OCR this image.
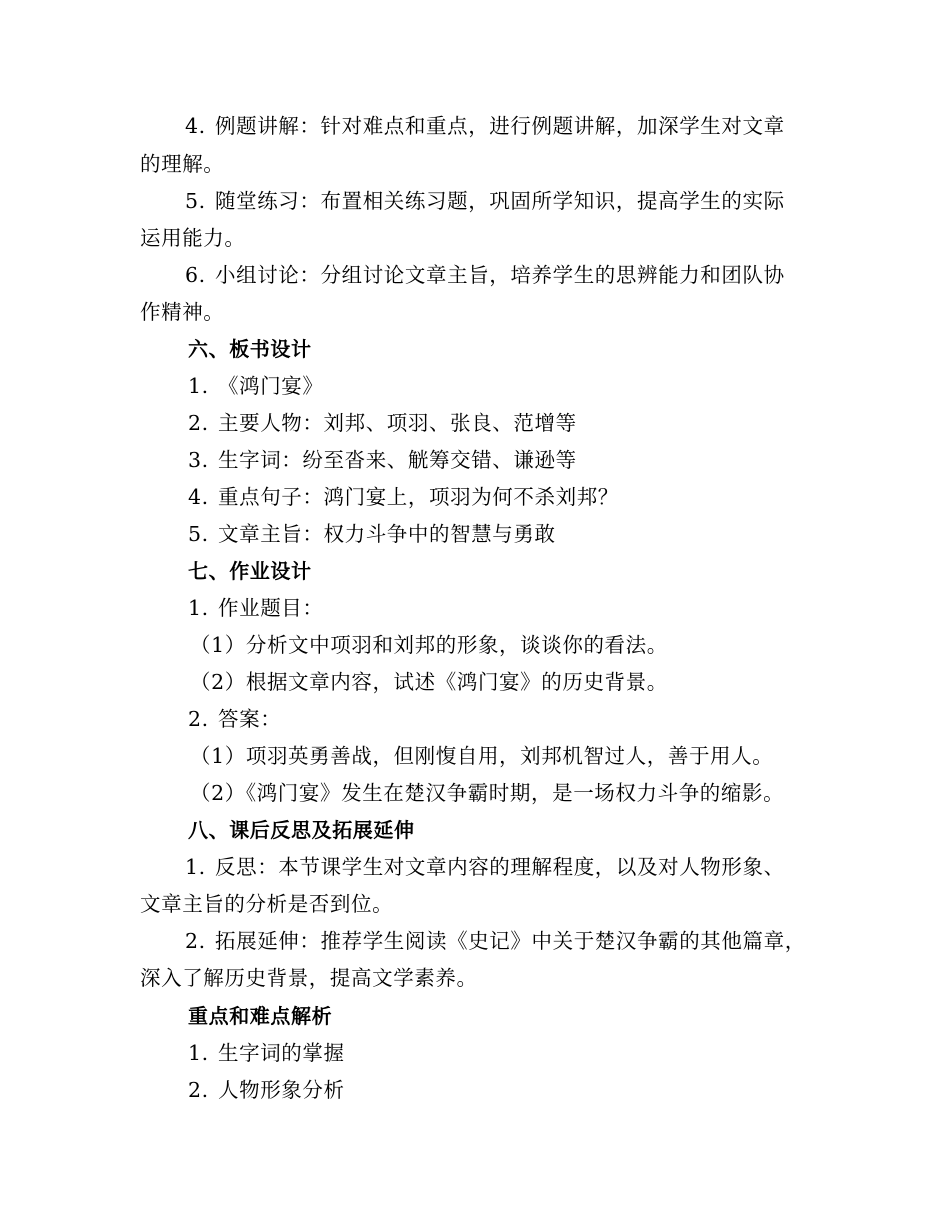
4. 例题讲解：针对难点和重点，进行例题讲解，加深学生对文章
的理解。
5. 随堂练习：布置相关练习题，巩固所学知识，提高学生的实际
运用能力。
6. 小组讨论：分组讨论文章主旨，培养学生的思辨能力和团队协
作精神。
六、板书设计
1. 《鸿门宴》
2. 主要人物：刘邦、项羽、张良、范增等
3. 生字词：纷至沓来、觥筹交错、谦逊等
4. 重点句子：鸿门宴上，项羽为何不杀刘邦？
5. 文章主旨：权力斗争中的智慧与勇敢
七、作业设计
1. 作业题目：
（1）分析文中项羽和刘邦的形象，谈谈你的看法。
（2）根据文章内容，试述《鸿门宴》的历史背景。
2. 答案：
（1）项羽英勇善战，但刚愎自用，刘邦机智过人，善于用人。
（2）《鸿门宴》发生在楚汉争霸时期，是一场权力斗争的缩影。
八、课后反思及拓展延伸
1. 反思：本节课学生对文章内容的理解程度，以及对人物形象、
文章主旨的分析是否到位。
2. 拓展延伸：推荐学生阅读《史记》中关于楚汉争霸的其他篇章，
深入了解历史背景，提高文学素养。
重点和难点解析
1. 生字词的掌握
2. 人物形象分析
